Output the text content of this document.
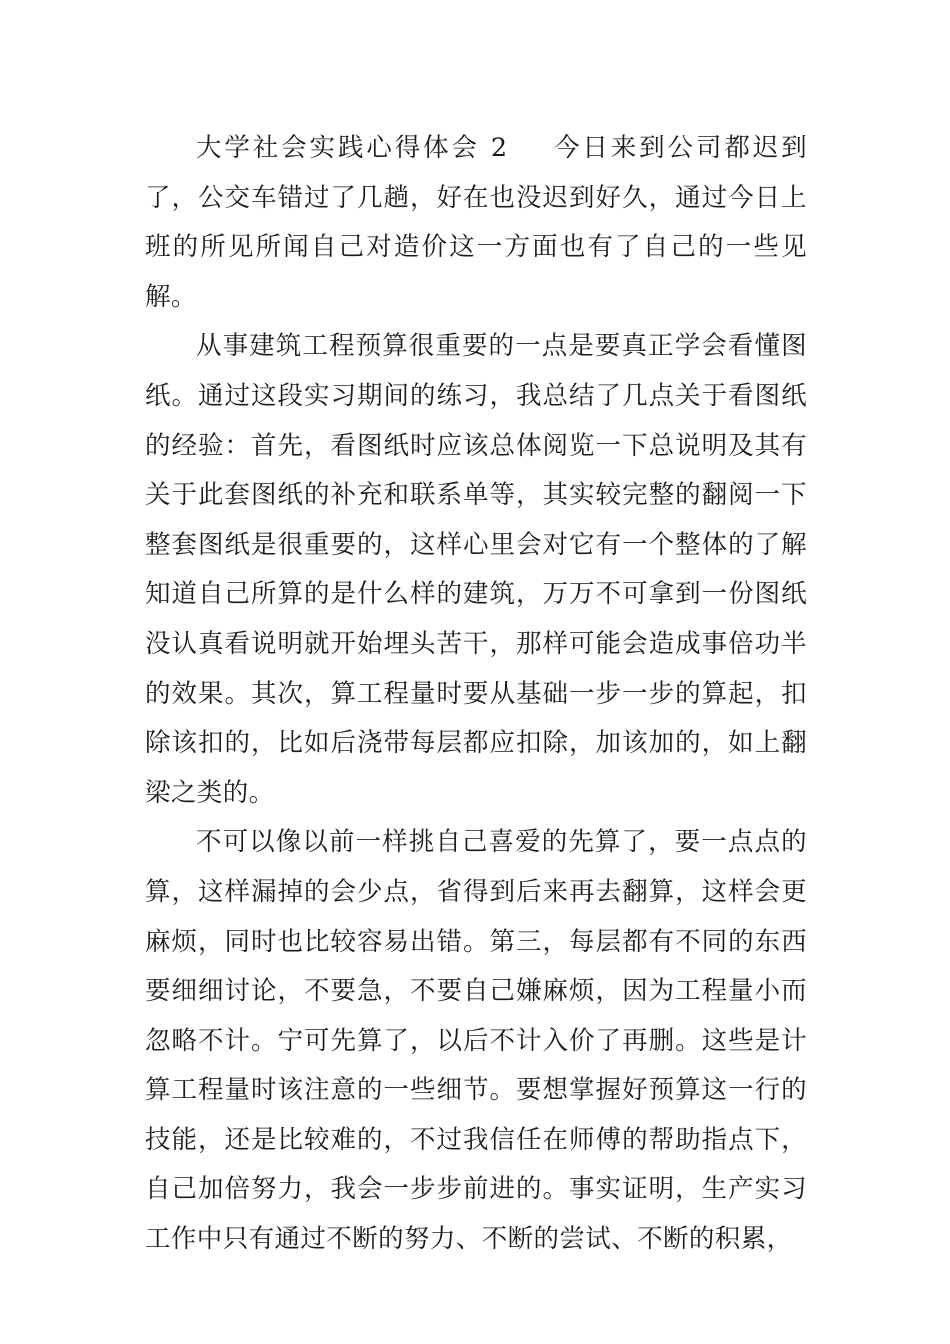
大学社会实践心得体会 2 今日来到公司都迟到了，公交车错过了几趟，好在也没迟到好久，通过今日上班的所见所闻自己对造价这一方面也有了自己的一些见解。

从事建筑工程预算很重要的一点是要真正学会看懂图纸。通过这段实习期间的练习，我总结了几点关于看图纸的经验：首先，看图纸时应该总体阅览一下总说明及其有关于此套图纸的补充和联系单等，其实较完整的翻阅一下整套图纸是很重要的，这样心里会对它有一个整体的了解知道自己所算的是什么样的建筑，万万不可拿到一份图纸没认真看说明就开始埋头苦干，那样可能会造成事倍功半的效果。其次，算工程量时要从基础一步一步的算起，扣除该扣的，比如后浇带每层都应扣除，加该加的，如上翻梁之类的。

不可以像以前一样挑自己喜爱的先算了，要一点点的算，这样漏掉的会少点，省得到后来再去翻算，这样会更麻烦，同时也比较容易出错。第三，每层都有不同的东西要细细讨论，不要急，不要自己嫌麻烦，因为工程量小而忽略不计。宁可先算了，以后不计入价了再删。这些是计算工程量时该注意的一些细节。要想掌握好预算这一行的技能，还是比较难的，不过我信任在师傅的帮助指点下，自己加倍努力，我会一步步前进的。事实证明，生产实习工作中只有通过不断的努力、不断的尝试、不断的积累，
